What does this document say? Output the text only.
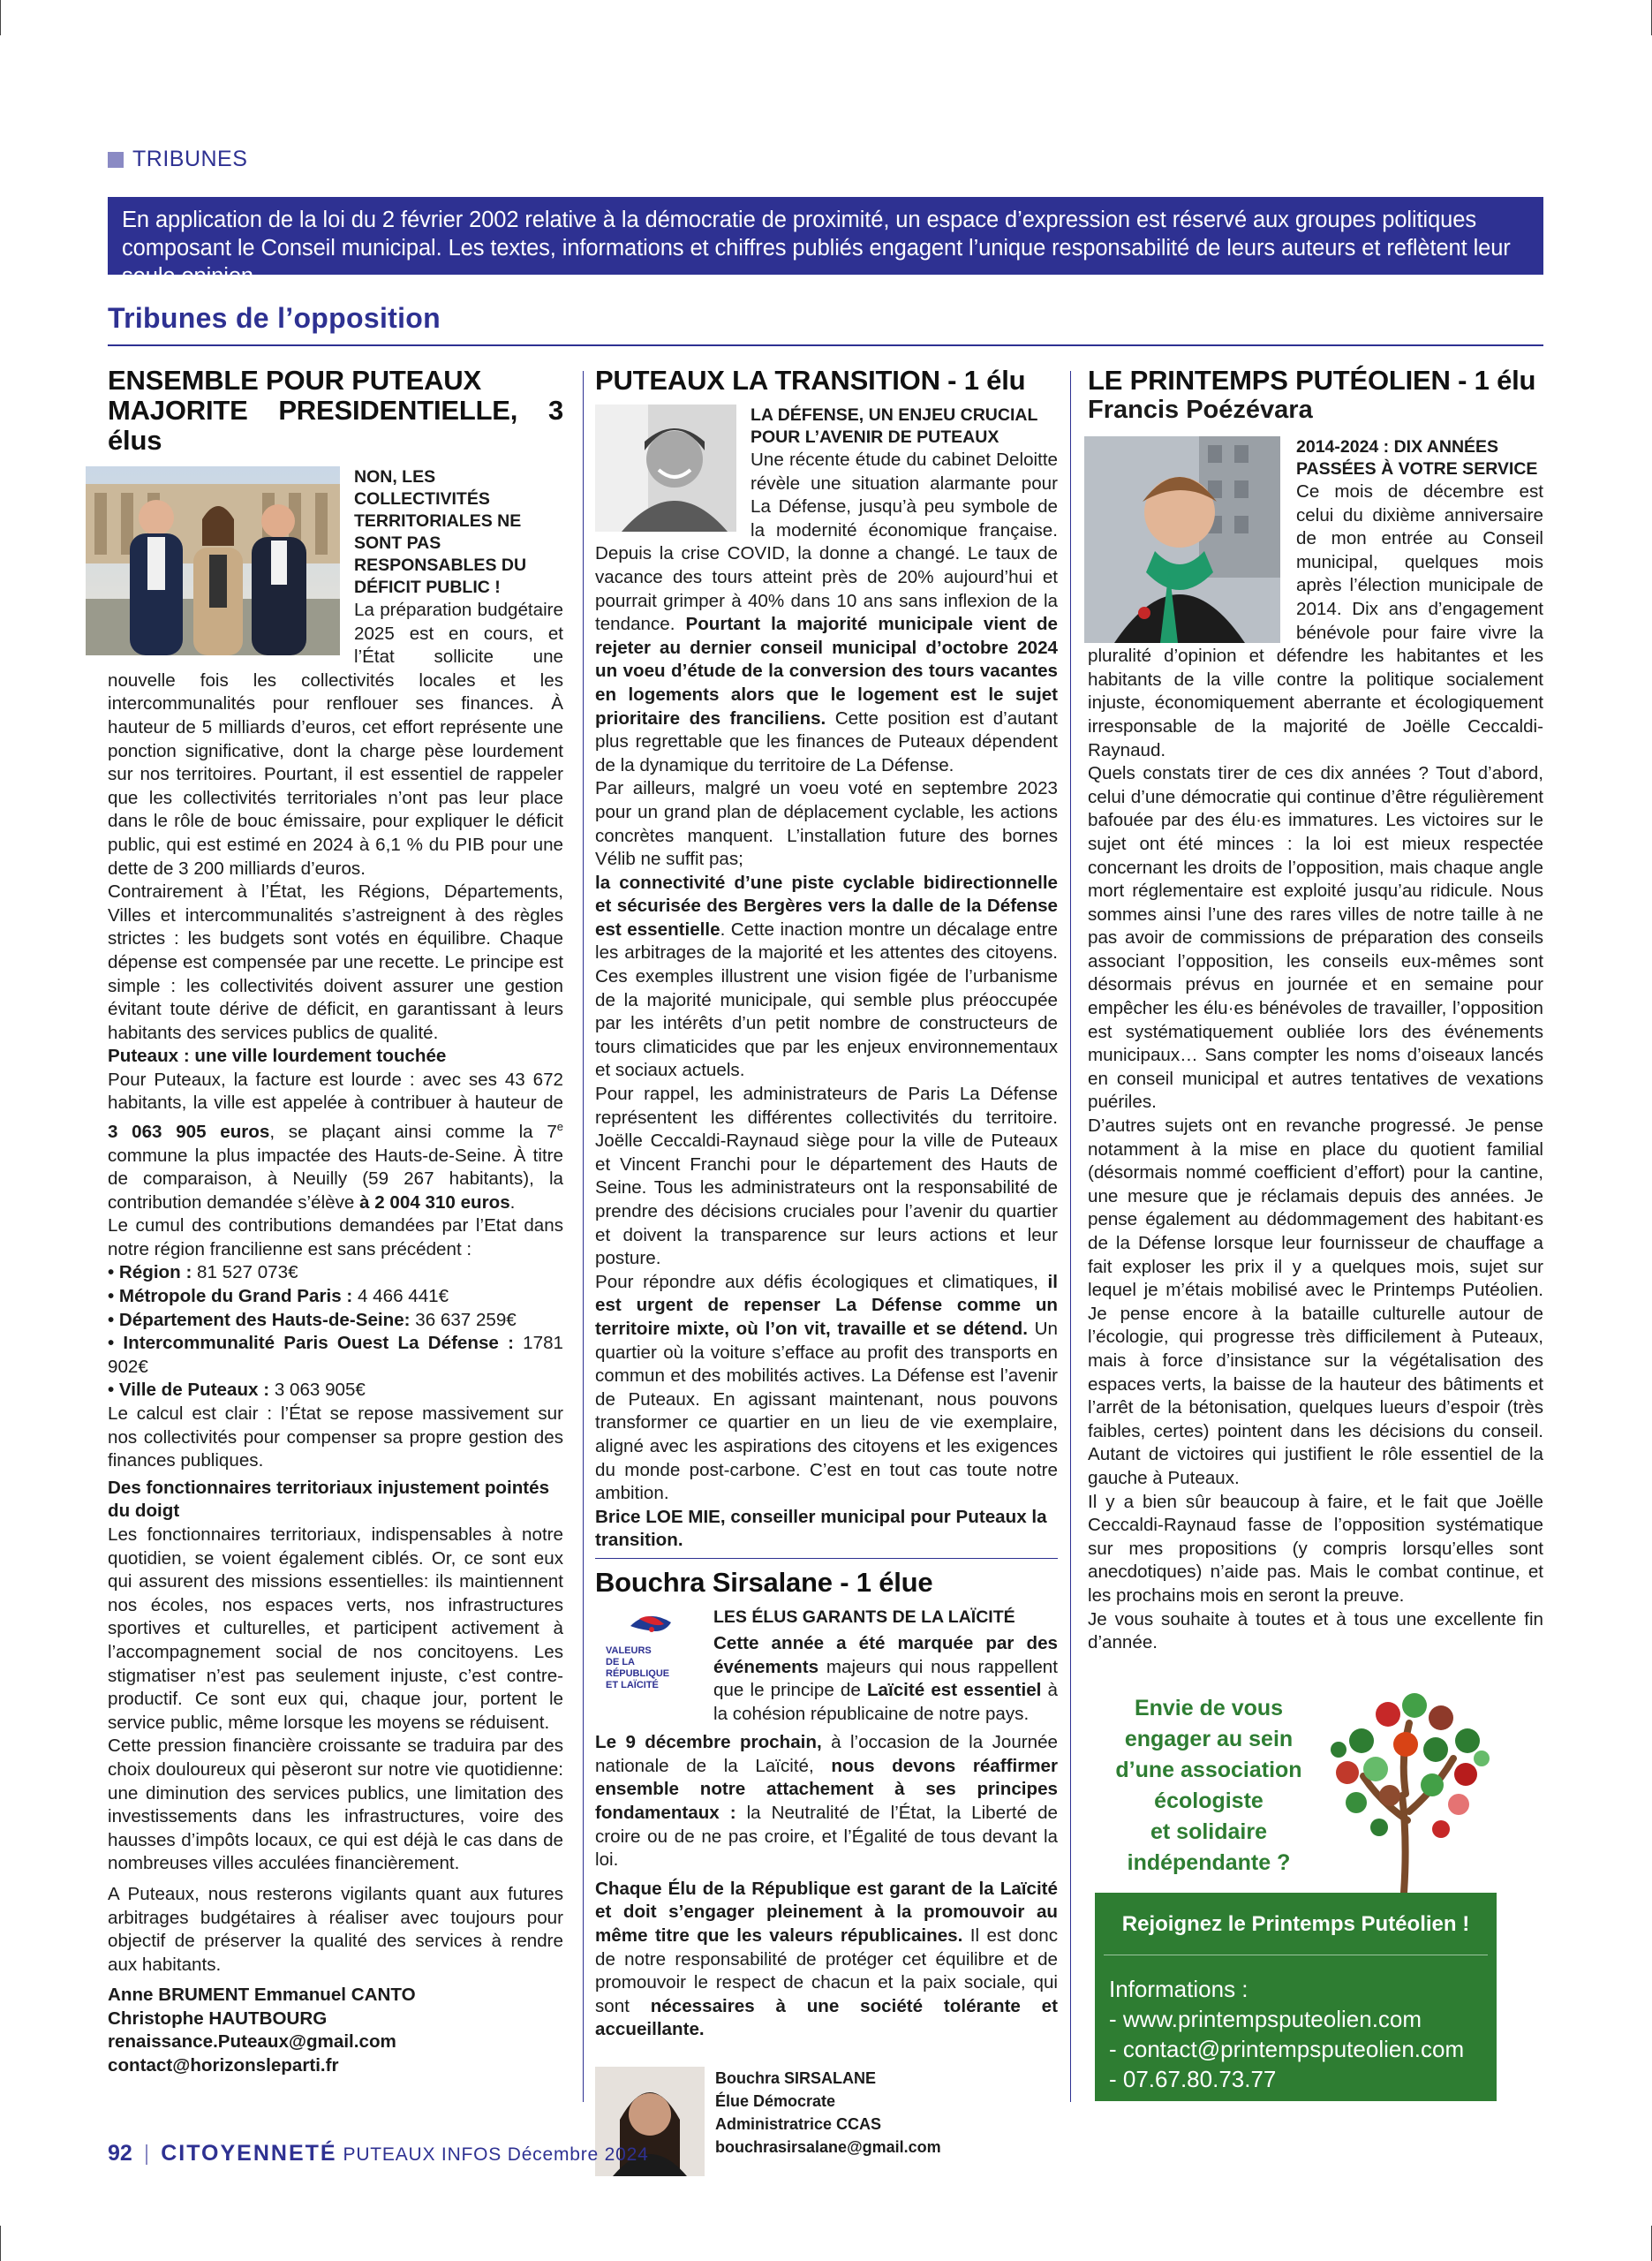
TRIBUNES
En application de la loi du 2 février 2002 relative à la démocratie de proximité, un espace d’expression est réservé aux groupes politiques composant le Conseil municipal. Les textes, informations et chiffres publiés engagent l’unique responsabilité de leurs auteurs et reflètent leur seule opinion.
Tribunes de l’opposition
ENSEMBLE POUR PUTEAUX
MAJORITE PRESIDENTIELLE, 3 élus

NON, LES COLLECTIVITÉS TERRITORIALES NE SONT PAS RESPONSABLES DU DÉFICIT PUBLIC !

La préparation budgétaire 2025 est en cours, et l’État sollicite une nouvelle fois les collectivités locales et les intercommunalités pour renflouer ses finances. À hauteur de 5 milliards d’euros, cet effort représente une ponction significative, dont la charge pèse lourdement sur nos territoires. Pourtant, il est essentiel de rappeler que les collectivités territoriales n’ont pas leur place dans le rôle de bouc émissaire, pour expliquer le déficit public, qui est estimé en 2024 à 6,1 % du PIB pour une dette de 3 200 milliards d’euros.

Contrairement à l’État, les Régions, Départements, Villes et intercommunalités s’astreignent à des règles strictes : les budgets sont votés en équilibre. Chaque dépense est compensée par une recette. Le principe est simple : les collectivités doivent assurer une gestion évitant toute dérive de déficit, en garantissant à leurs habitants des services publics de qualité.

Puteaux : une ville lourdement touchée

Pour Puteaux, la facture est lourde : avec ses 43 672 habitants, la ville est appelée à contribuer à hauteur de 3 063 905 euros, se plaçant ainsi comme la 7e commune la plus impactée des Hauts-de-Seine. À titre de comparaison, à Neuilly (59 267 habitants), la contribution demandée s’élève à 2 004 310 euros.

Le cumul des contributions demandées par l’Etat dans notre région francilienne est sans précédent :

• Région : 81 527 073€

• Métropole du Grand Paris : 4 466 441€

• Département des Hauts-de-Seine: 36 637 259€

• Intercommunalité Paris Ouest La Défense : 1781 902€

• Ville de Puteaux : 3 063 905€

Le calcul est clair : l’État se repose massivement sur nos collectivités pour compenser sa propre gestion des finances publiques.

Des fonctionnaires territoriaux injustement pointés du doigt

Les fonctionnaires territoriaux, indispensables à notre quotidien, se voient également ciblés. Or, ce sont eux qui assurent des missions essentielles: ils maintiennent nos écoles, nos espaces verts, nos infrastructures sportives et culturelles, et participent activement à l’accompagnement social de nos concitoyens. Les stigmatiser n’est pas seulement injuste, c’est contre-productif. Ce sont eux qui, chaque jour, portent le service public, même lorsque les moyens se réduisent.

Cette pression financière croissante se traduira par des choix douloureux qui pèseront sur notre vie quotidienne: une diminution des services publics, une limitation des investissements dans les infrastructures, voire des hausses d’impôts locaux, ce qui est déjà le cas dans de nombreuses villes acculées financièrement.

A Puteaux, nous resterons vigilants quant aux futures arbitrages budgétaires à réaliser avec toujours pour objectif de préserver la qualité des services à rendre aux habitants.

Anne BRUMENT Emmanuel CANTO

Christophe HAUTBOURG

renaissance.Puteaux@gmail.com

contact@horizonslеparti.fr

PUTEAUX LA TRANSITION - 1 élu

LA DÉFENSE, UN ENJEU CRUCIAL POUR L’AVENIR DE PUTEAUX

Une récente étude du cabinet Deloitte révèle une situation alarmante pour La Défense, jusqu’à peu symbole de la modernité économique française. Depuis la crise COVID, la donne a changé. Le taux de vacance des tours atteint près de 20% aujourd’hui et pourrait grimper à 40% dans 10 ans sans inflexion de la tendance. Pourtant la majorité municipale vient de rejeter au dernier conseil municipal d’octobre 2024 un voeu d’étude de la conversion des tours vacantes en logements alors que le logement est le sujet prioritaire des franciliens. Cette position est d’autant plus regrettable que les finances de Puteaux dépendent de la dynamique du territoire de La Défense.

Par ailleurs, malgré un voeu voté en septembre 2023 pour un grand plan de déplacement cyclable, les actions concrètes manquent. L’installation future des bornes Vélib ne suffit pas;

la connectivité d’une piste cyclable bidirectionnelle et sécurisée des Bergères vers la dalle de la Défense est essentielle. Cette inaction montre un décalage entre les arbitrages de la majorité et les attentes des citoyens. Ces exemples illustrent une vision figée de l’urbanisme de la majorité municipale, qui semble plus préoccupée par les intérêts d’un petit nombre de constructeurs de tours climaticides que par les enjeux environnementaux et sociaux actuels.

Pour rappel, les administrateurs de Paris La Défense représentent les différentes collectivités du territoire. Joëlle Ceccaldi-Raynaud siège pour la ville de Puteaux et Vincent Franchi pour le département des Hauts de Seine. Tous les administrateurs ont la responsabilité de prendre des décisions cruciales pour l’avenir du quartier et doivent la transparence sur leurs actions et leur posture.

Pour répondre aux défis écologiques et climatiques, il est urgent de repenser La Défense comme un territoire mixte, où l’on vit, travaille et se détend. Un quartier où la voiture s’efface au profit des transports en commun et des mobilités actives. La Défense est l’avenir de Puteaux. En agissant maintenant, nous pouvons transformer ce quartier en un lieu de vie exemplaire, aligné avec les aspirations des citoyens et les exigences du monde post-carbone. C’est en tout cas toute notre ambition.

Brice LOE MIE, conseiller municipal pour Puteaux la transition.

Bouchra Sirsalane - 1 élue
VALEURS
DE LA
RÉPUBLIQUE
ET LAÏCITÉ

LES ÉLUS GARANTS DE LA LAÏCITÉ

Cette année a été marquée par des événements majeurs qui nous rappellent que le principe de Laïcité est essentiel à la cohésion républicaine de notre pays.

Le 9 décembre prochain, à l’occasion de la Journée nationale de la Laïcité, nous devons réaffirmer ensemble notre attachement à ses principes fondamentaux : la Neutralité de l’État, la Liberté de croire ou de ne pas croire, et l’Égalité de tous devant la loi.

Chaque Élu de la République est garant de la Laïcité et doit s’engager pleinement à la promouvoir au même titre que les valeurs républicaines. Il est donc de notre responsabilité de protéger cet équilibre et de promouvoir le respect de chacun et la paix sociale, qui sont nécessaires à une société tolérante et accueillante.

Bouchra SIRSALANE
Élue Démocrate
Administratrice CCAS
bouchrasirsalane@gmail.com
LE PRINTEMPS PUTÉOLIEN - 1 élu
Francis Poézévara

2014-2024 : DIX ANNÉES PASSÉES À VOTRE SERVICE

Ce mois de décembre est celui du dixième anniversaire de mon entrée au Conseil municipal, quelques mois après l’élection municipale de 2014. Dix ans d’engagement bénévole pour faire vivre la pluralité d’opinion et défendre les habitantes et les habitants de la ville contre la politique socialement injuste, économiquement aberrante et écologiquement irresponsable de la majorité de Joëlle Ceccaldi-Raynaud.

Quels constats tirer de ces dix années ? Tout d’abord, celui d’une démocratie qui continue d’être régulièrement bafouée par des élu·es immatures. Les victoires sur le sujet ont été minces : la loi est mieux respectée concernant les droits de l’opposition, mais chaque angle mort réglementaire est exploité jusqu’au ridicule. Nous sommes ainsi l’une des rares villes de notre taille à ne pas avoir de commissions de préparation des conseils associant l’opposition, les conseils eux-mêmes sont désormais prévus en journée et en semaine pour empêcher les élu·es bénévoles de travailler, l’opposition est systématiquement oubliée lors des événements municipaux… Sans compter les noms d’oiseaux lancés en conseil municipal et autres tentatives de vexations puériles.

D’autres sujets ont en revanche progressé. Je pense notamment à la mise en place du quotient familial (désormais nommé coefficient d’effort) pour la cantine, une mesure que je réclamais depuis des années. Je pense également au dédommagement des habitant·es de la Défense lorsque leur fournisseur de chauffage a fait exploser les prix il y a quelques mois, sujet sur lequel je m’étais mobilisé avec le Printemps Putéolien. Je pense encore à la bataille culturelle autour de l’écologie, qui progresse très difficilement à Puteaux, mais à force d’insistance sur la végétalisation des espaces verts, la baisse de la hauteur des bâtiments et l’arrêt de la bétonisation, quelques lueurs d’espoir (très faibles, certes) pointent dans les décisions du conseil. Autant de victoires qui justifient le rôle essentiel de la gauche à Puteaux.

Il y a bien sûr beaucoup à faire, et le fait que Joëlle Ceccaldi-Raynaud fasse de l’opposition systématique sur mes propositions (y compris lorsqu’elles sont anecdotiques) n’aide pas. Mais le combat continue, et les prochains mois en seront la preuve.

Je vous souhaite à toutes et à tous une excellente fin d’année.

Envie de vous
engager au sein
d’une association
écologiste
et solidaire
indépendante ?
Rejoignez le Printemps Putéolien !
Informations :
- www.printempsputeolien.com
- contact@printempsputeolien.com
- 07.67.80.73.77
92 | CITOYENNETÉ PUTEAUX INFOS Décembre 2024
